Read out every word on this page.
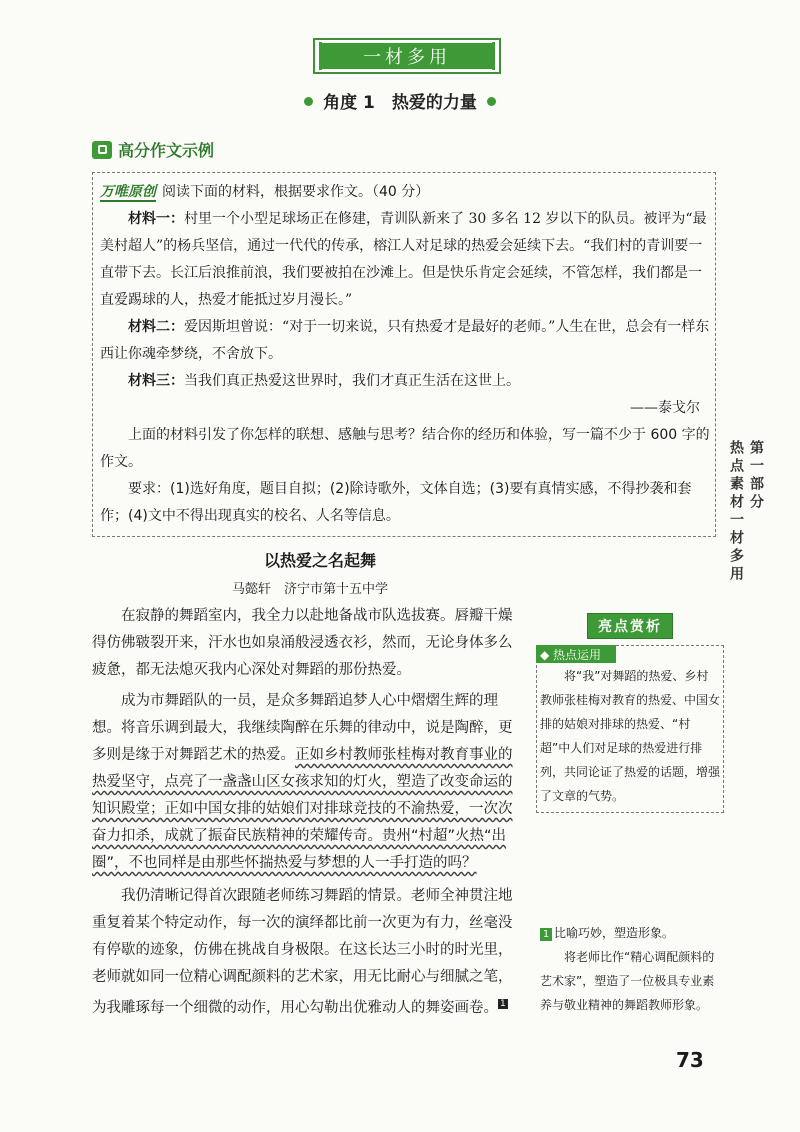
一材多用
角度 1　热爱的力量
高分作文示例

万唯原创 阅读下面的材料，根据要求作文。（40 分）

材料一：村里一个小型足球场正在修建，青训队新来了 30 多名 12 岁以下的队员。被评为“最美村超人”的杨兵坚信，通过一代代的传承，榕江人对足球的热爱会延续下去。“我们村的青训要一直带下去。长江后浪推前浪，我们要被拍在沙滩上。但是快乐肯定会延续，不管怎样，我们都是一直爱踢球的人，热爱才能抵过岁月漫长。”

材料二：爱因斯坦曾说：“对于一切来说，只有热爱才是最好的老师。”人生在世，总会有一样东西让你魂牵梦绕，不舍放下。

材料三：当我们真正热爱这世界时，我们才真正生活在这世上。

——泰戈尔

上面的材料引发了你怎样的联想、感触与思考？结合你的经历和体验，写一篇不少于 600 字的作文。

要求：(1)选好角度，题目自拟；(2)除诗歌外，文体自选；(3)要有真情实感，不得抄袭和套作；(4)文中不得出现真实的校名、人名等信息。

以热爱之名起舞
马懿轩　济宁市第十五中学

在寂静的舞蹈室内，我全力以赴地备战市队选拔赛。唇瓣干燥得仿佛皲裂开来，汗水也如泉涌般浸透衣衫，然而，无论身体多么疲惫，都无法熄灭我内心深处对舞蹈的那份热爱。

成为市舞蹈队的一员，是众多舞蹈追梦人心中熠熠生辉的理想。将音乐调到最大，我继续陶醉在乐舞的律动中，说是陶醉，更多则是缘于对舞蹈艺术的热爱。正如乡村教师张桂梅对教育事业的热爱坚守，点亮了一盏盏山区女孩求知的灯火，塑造了改变命运的知识殿堂；正如中国女排的姑娘们对排球竞技的不渝热爱，一次次奋力扣杀，成就了振奋民族精神的荣耀传奇。贵州“村超”火热“出圈”，不也同样是由那些怀揣热爱与梦想的人一手打造的吗？

我仍清晰记得首次跟随老师练习舞蹈的情景。老师全神贯注地重复着某个特定动作，每一次的演绎都比前一次更为有力，丝毫没有停歇的迹象，仿佛在挑战自身极限。在这长达三小时的时光里，老师就如同一位精心调配颜料的艺术家，用无比耐心与细腻之笔，为我雕琢每一个细微的动作，用心勾勒出优雅动人的舞姿画卷。 $^1$

亮点赏析
◆ 热点运用
将“我”对舞蹈的热爱、乡村教师张桂梅对教育的热爱、中国女排的姑娘对排球的热爱、“村超”中人们对足球的热爱进行排列，共同论证了热爱的话题，增强了文章的气势。

1 比喻巧妙，塑造形象。

将老师比作“精心调配颜料的艺术家”，塑造了一位极具专业素养与敬业精神的舞蹈教师形象。

第一部分
热点素材一材多用
73
